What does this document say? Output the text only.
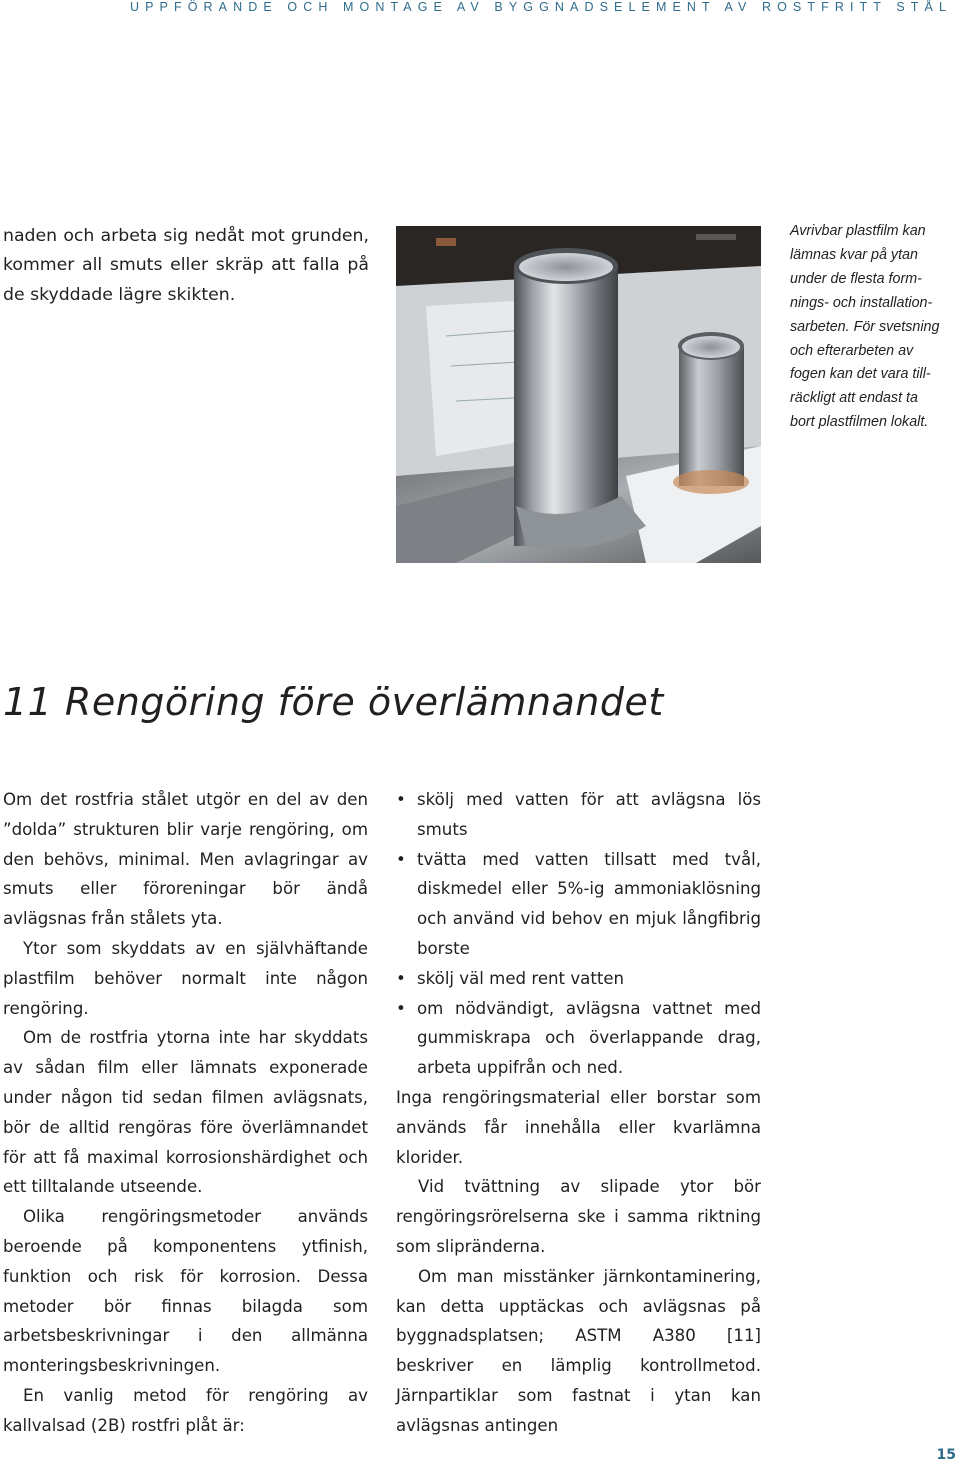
UPPFÖRANDE OCH MONTAGE AV BYGGNADSELEMENT AV ROSTFRITT STÅL

naden och arbeta sig nedåt mot grunden, kommer all smuts eller skräp att falla på de skyddade lägre skikten.

Avrivbar plastfilm kan
lämnas kvar på ytan
under de flesta form-
nings- och installation-
sarbeten. För svetsning
och efterarbeten av
fogen kan det vara till-
räckligt att endast ta
bort plastfilmen lokalt.
11 Rengöring före överlämnandet

Om det rostfria stålet utgör en del av den ”dolda” strukturen blir varje rengöring, om den behövs, minimal. Men avlagringar av smuts eller föroreningar bör ändå avlägsnas från stålets yta.

Ytor som skyddats av en självhäftande plastfilm behöver normalt inte någon rengöring.

Om de rostfria ytorna inte har skyddats av sådan film eller lämnats exponerade under någon tid sedan filmen avlägsnats, bör de alltid rengöras före överlämnandet för att få maximal korrosionshärdighet och ett tilltalande utseende.

Olika rengöringsmetoder används beroende på komponentens ytfinish, funktion och risk för korrosion. Dessa metoder bör finnas bilagda som arbetsbeskrivningar i den allmänna monteringsbeskrivningen.

En vanlig metod för rengöring av kallvalsad (2B) rostfri plåt är:

• skölj med vatten för att avlägsna lös smuts
• tvätta med vatten tillsatt med tvål, diskmedel eller 5%-ig ammoniaklösning och använd vid behov en mjuk långfibrig borste
• skölj väl med rent vatten
• om nödvändigt, avlägsna vattnet med gummiskrapa och överlappande drag, arbeta uppifrån och ned.

Inga rengöringsmaterial eller borstar som används får innehålla eller kvarlämna klorider.

Vid tvättning av slipade ytor bör rengöringsrörelserna ske i samma riktning som slipränderna.

Om man misstänker järnkontaminering, kan detta upptäckas och avlägsnas på byggnadsplatsen; ASTM A380 [11] beskriver en lämplig kontrollmetod. Järnpartiklar som fastnat i ytan kan avlägsnas antingen

15
